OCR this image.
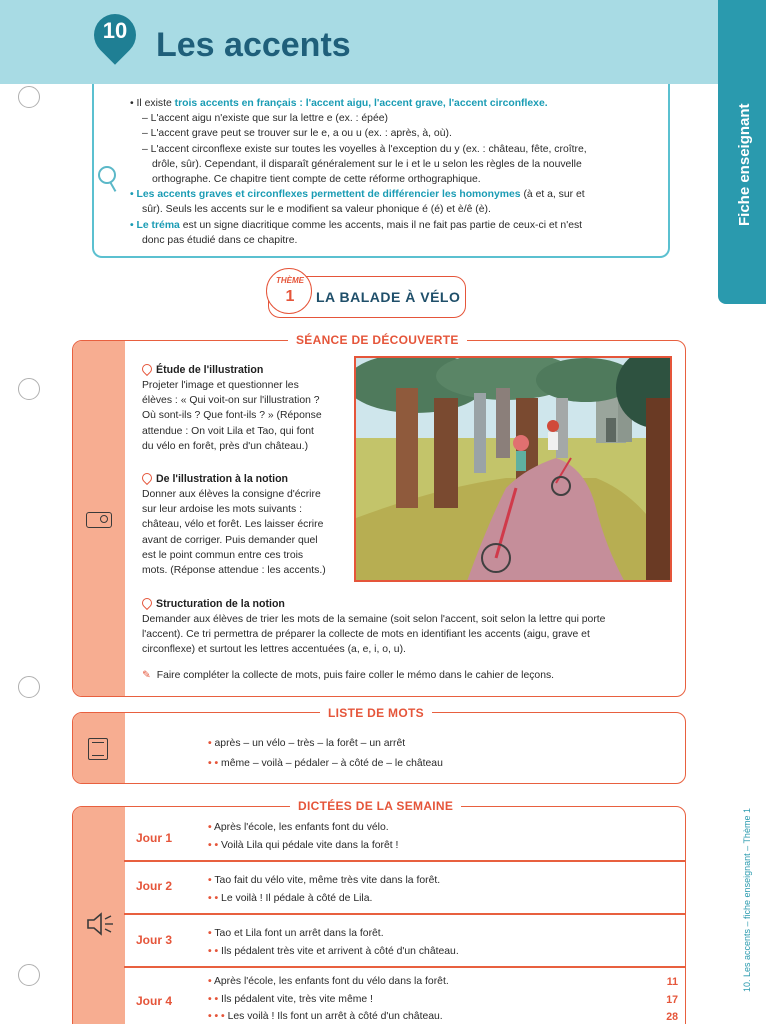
10 Les accents
Fiche enseignant
10. Les accents – fiche enseignant – Thème 1

• Il existe trois accents en français : l'accent aigu, l'accent grave, l'accent circonflexe.

– L'accent aigu n'existe que sur la lettre e (ex. : épée)

– L'accent grave peut se trouver sur le e, a ou u (ex. : après, à, où).

– L'accent circonflexe existe sur toutes les voyelles à l'exception du y (ex. : château, fête, croître,

drôle, sûr). Cependant, il disparaît généralement sur le i et le u selon les règles de la nouvelle

orthographe. Ce chapitre tient compte de cette réforme orthographique.

• Les accents graves et circonflexes permettent de différencier les homonymes (à et a, sur et

sûr). Seuls les accents sur le e modifient sa valeur phonique é (é) et è/ê (è).

• Le tréma est un signe diacritique comme les accents, mais il ne fait pas partie de ceux-ci et n'est

donc pas étudié dans ce chapitre.

THÈME
1	LA BALADE À VÉLO
SÉANCE DE DÉCOUVERTE
Étude de l'illustration
Projeter l'image et questionner les
élèves : « Qui voit-on sur l'illustration ?
Où sont-ils ? Que font-ils ? » (Réponse
attendue : On voit Lila et Tao, qui font
du vélo en forêt, près d'un château.)
De l'illustration à la notion
Donner aux élèves la consigne d'écrire
sur leur ardoise les mots suivants :
château, vélo et forêt. Les laisser écrire
avant de corriger. Puis demander quel
est le point commun entre ces trois
mots. (Réponse attendue : les accents.)
Structuration de la notion
Demander aux élèves de trier les mots de la semaine (soit selon l'accent, soit selon la lettre qui porte
l'accent). Ce tri permettra de préparer la collecte de mots en identifiant les accents (aigu, grave et
circonflexe) et surtout les lettres accentuées (a, e, i, o, u).
✎ Faire compléter la collecte de mots, puis faire coller le mémo dans le cahier de leçons.
LISTE DE MOTS
• après – un vélo – très – la forêt – un arrêt
• • même – voilà – pédaler – à côté de – le château
DICTÉES DE LA SEMAINE
Jour 1
• Après l'école, les enfants font du vélo.
• • Voilà Lila qui pédale vite dans la forêt !
Jour 2	• Tao fait du vélo vite, même très vite dans la forêt.
• • Le voilà ! Il pédale à côté de Lila.
Jour 3	• Tao et Lila font un arrêt dans la forêt.
• • Ils pédalent très vite et arrivent à côté d'un château.
Jour 4
• Après l'école, les enfants font du vélo dans la forêt.	11
• • Ils pédalent vite, très vite même !	17
• • • Les voilà ! Ils font un arrêt à côté d'un château.	28
